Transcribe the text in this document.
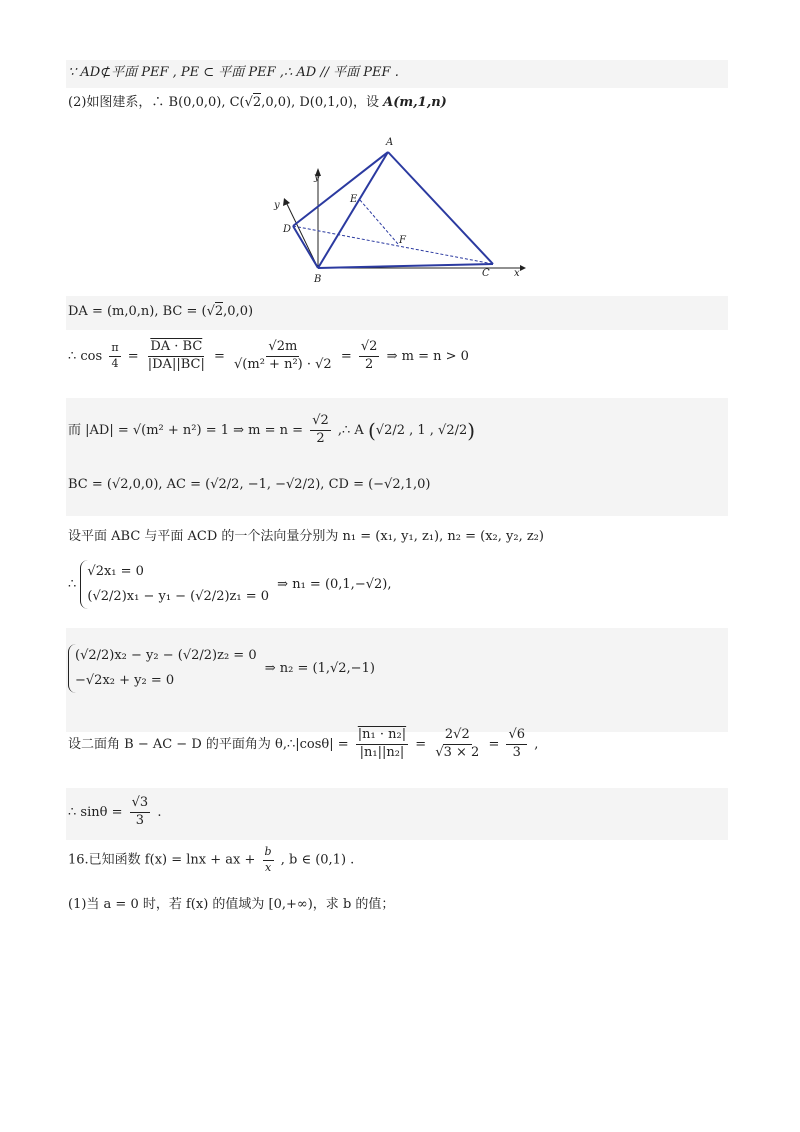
∵ AD⊄平面 PEF , PE ⊂ 平面 PEF ,∴ AD // 平面 PEF .
(2)如图建系，∴ B(0,0,0), C(√2,0,0), D(0,1,0)，设 A(m,1,n)
A
B
C
D
E
F
x
y
y
DA = (m,0,n), BC = (√2,0,0)
∴ $\cos \frac{\pi}{4} = \frac{DA \cdot BC}{|DA||BC|} = \frac{√2m}{\text{√(m² + n²) · √2}} = \frac{√2}{2}$ ⇒ m = n > 0
而 |AD| = √(m² + n²) = 1 ⇒ $m = n = \frac{√2}{2}$ ,∴ A (√2/2 , 1 , √2/2)
BC = (√2,0,0), AC = (√2/2, −1, −√2/2), CD = (−√2,1,0)
设平面 ABC 与平面 ACD 的一个法向量分别为 n₁ = (x₁, y₁, z₁), n₂ = (x₂, y₂, z₂)
∴
√2x₁ = 0
(√2/2)x₁ − y₁ − (√2/2)z₁ = 0
⇒ n₁ = (0,1,−√2),
(√2/2)x₂ − y₂ − (√2/2)z₂ = 0
−√2x₂ + y₂ = 0
⇒ n₂ = (1,√2,−1)
设二面角 B − AC − D 的平面角为 θ,∴|cosθ| = $\frac{\text{|n₁ · n₂|}}{\text{|n₁||n₂|}} = \frac{2√2}{√3 \times 2} = \frac{√6}{3}$ ,
∴ $\sin\theta = \frac{√3}{3}$ .
16.已知函数 f(x) = lnx + ax + $\frac{b}{x}$ , b ∈ (0,1) .
(1)当 a = 0 时，若 f(x) 的值域为 [0,+∞)，求 b 的值；
